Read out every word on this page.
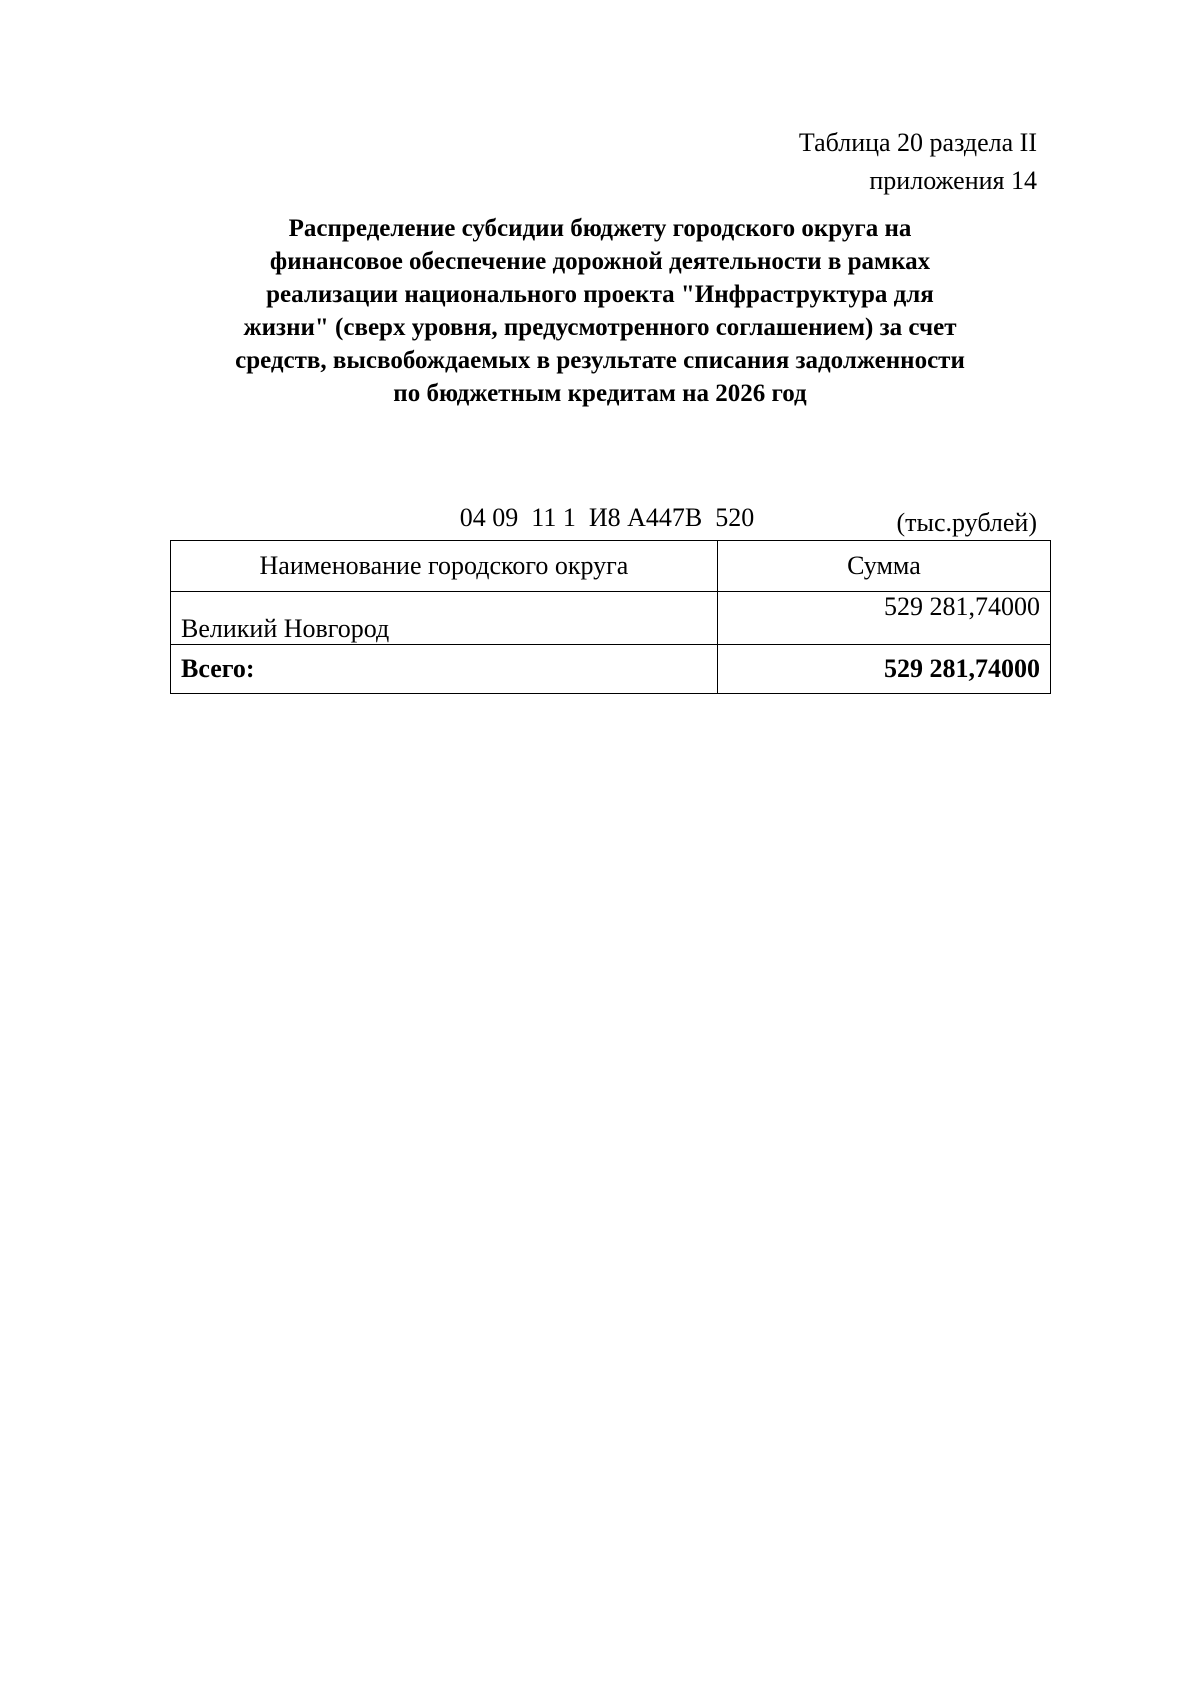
Таблица 20 раздела II
приложения 14
Распределение субсидии бюджету городского округа на
финансовое обеспечение дорожной деятельности в рамках
реализации национального проекта "Инфраструктура для
жизни" (сверх уровня, предусмотренного соглашением) за счет
средств, высвобождаемых в результате списания задолженности
по бюджетным кредитам на 2026 год

04 09  11 1  И8 А447В  520
	(тыс.рублей)
Наименование городского округа	Сумма
Великий Новгород	529 281,74000
Всего:	529 281,74000
